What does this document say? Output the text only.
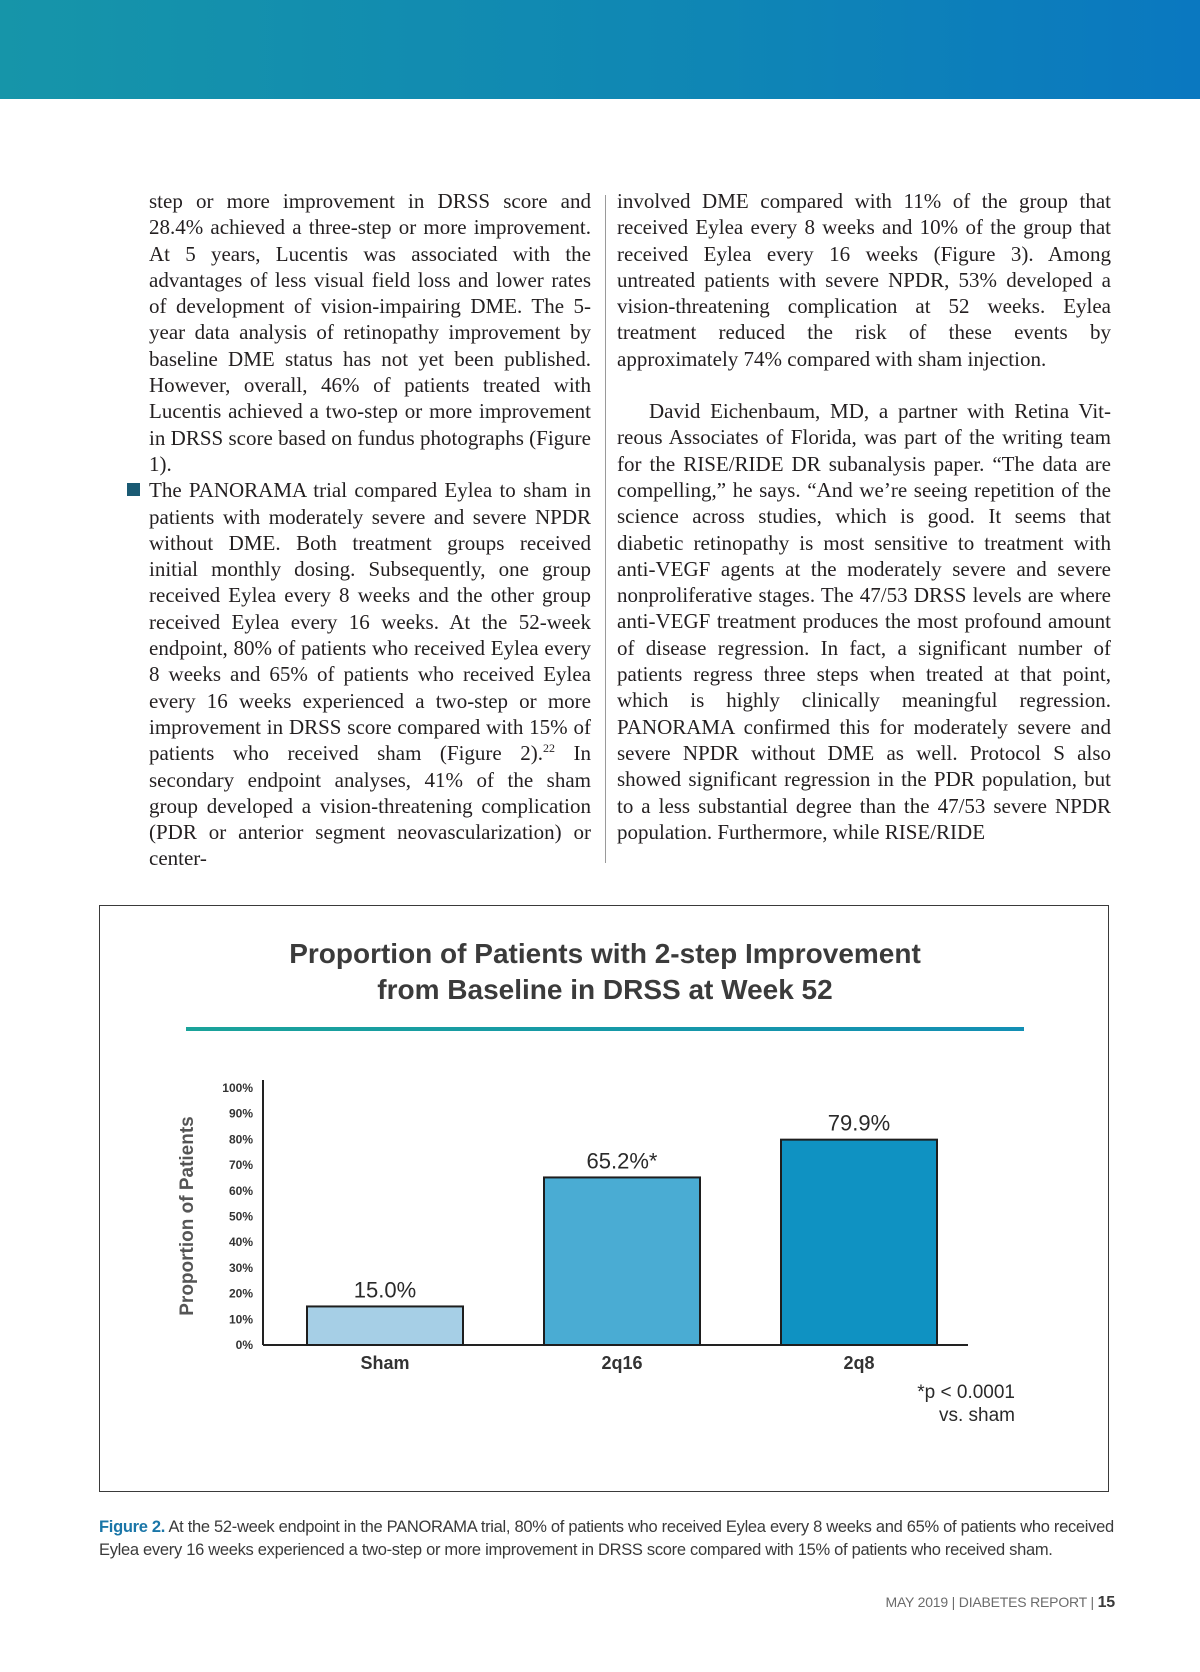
step or more improvement in DRSS score and 28.4% achieved a three-step or more improvement. At 5 years, Lucentis was associated with the advantages of less visual field loss and lower rates of development of vision-impairing DME. The 5-year data analysis of retinopathy improvement by baseline DME status has not yet been published. However, overall, 46% of patients treated with Lucentis achieved a two-step or more improvement in DRSS score based on fundus photographs (Figure 1).

The PANORAMA trial compared Eylea to sham in patients with moderately severe and severe NPDR without DME. Both treatment groups received initial monthly dosing. Subsequently, one group received Eylea every 8 weeks and the other group received Eylea every 16 weeks. At the 52-week endpoint, 80% of patients who received Eylea every 8 weeks and 65% of patients who received Eylea every 16 weeks experienced a two-step or more improvement in DRSS score compared with 15% of patients who received sham (Figure 2).$^{22}$ In secondary endpoint analyses, 41% of the sham group developed a vision-threatening complication (PDR or anterior segment neovascularization) or center-

involved DME compared with 11% of the group that received Eylea every 8 weeks and 10% of the group that received Eylea every 16 weeks (Figure 3). Among untreated patients with severe NPDR, 53% developed a vision-threatening complication at 52 weeks. Eylea treatment reduced the risk of these events by approximately 74% compared with sham injection.

David Eichenbaum, MD, a partner with Retina Vitreous Associates of Florida, was part of the writing team for the RISE/RIDE DR subanalysis paper. “The data are compelling,” he says. “And we’re seeing repetition of the science across studies, which is good. It seems that diabetic retinopathy is most sensitive to treatment with anti-VEGF agents at the moderately severe and severe nonproliferative stages. The 47/53 DRSS levels are where anti-VEGF treatment produces the most profound amount of disease regression. In fact, a significant number of patients regress three steps when treated at that point, which is highly clinically meaningful regression. PANORAMA confirmed this for moderately severe and severe NPDR without DME as well. Protocol S also showed significant regression in the PDR population, but to a less substantial degree than the 47/53 severe NPDR population. Furthermore, while RISE/RIDE

Proportion of Patients with 2-step Improvement
from Baseline in DRSS at Week 52
Proportion of Patients
0%
10%
20%
30%
40%
50%
60%
70%
80%
90%
100%
15.0%
Sham
65.2%*
2q16
79.9%
2q8
*p < 0.0001
vs. sham
Figure 2. At the 52-week endpoint in the PANORAMA trial, 80% of patients who received Eylea every 8 weeks and 65% of patients who received Eylea every 16 weeks experienced a two-step or more improvement in DRSS score compared with 15% of patients who received sham.
MAY 2019 | DIABETES REPORT | 15
